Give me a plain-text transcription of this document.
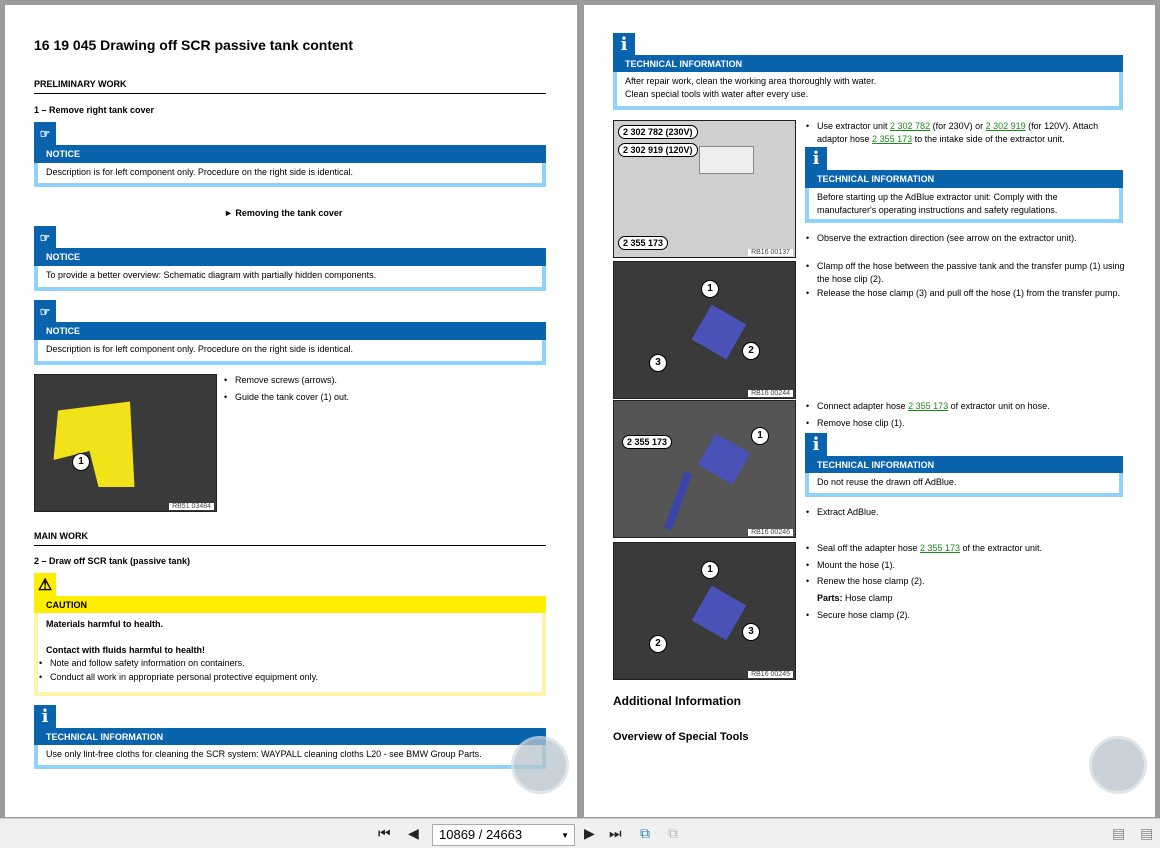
16 19 045 Drawing off SCR passive tank content
PRELIMINARY WORK
1 – Remove right tank cover
☞
NOTICE
Description is for left component only. Procedure on the right side is identical.
► Removing the tank cover
☞
NOTICE
To provide a better overview: Schematic diagram with partially hidden components.
☞
NOTICE
Description is for left component only. Procedure on the right side is identical.
1
RB51 03484
• Remove screws (arrows).
• Guide the tank cover (1) out.
MAIN WORK
2 – Draw off SCR tank (passive tank)
⚠
CAUTION
Materials harmful to health.
Contact with fluids harmful to health!
• Note and follow safety information on containers.
• Conduct all work in appropriate personal protective equipment only.
i
TECHNICAL INFORMATION
Use only lint-free cloths for cleaning the SCR system: WAYPALL cleaning cloths L20 - see BMW Group Parts.
i
TECHNICAL INFORMATION
After repair work, clean the working area thoroughly with water.
Clean special tools with water after every use.
2 302 782 (230V)
2 302 919 (120V)
2 355 173
RB16 00137
• Use extractor unit 2 302 782 (for 230V) or 2 302 919 (for 120V). Attach adaptor hose 2 355 173 to the intake side of the extractor unit.
i
TECHNICAL INFORMATION
Before starting up the AdBlue extractor unit: Comply with the manufacturer's operating instructions and safety regulations.
• Observe the extraction direction (see arrow on the extractor unit).
1
2
3
RB16 00244
• Clamp off the hose between the passive tank and the transfer pump (1) using the hose clip (2).
• Release the hose clamp (3) and pull off the hose (1) from the transfer pump.
2 355 173
1
RB16 00246
• Connect adapter hose 2 355 173 of extractor unit on hose.
• Remove hose clip (1).
i
TECHNICAL INFORMATION
Do not reuse the drawn off AdBlue.
• Extract AdBlue.
1
2
3
RB16 00245
• Seal off the adapter hose 2 355 173 of the extractor unit.
• Mount the hose (1).
• Renew the hose clamp (2).
Parts: Hose clamp
• Secure hose clamp (2).
Additional Information
Overview of Special Tools
⏮ ◀	10869 / 24663	▼ ▶ ⏭ ⧉ ⧉	▤ ▤
